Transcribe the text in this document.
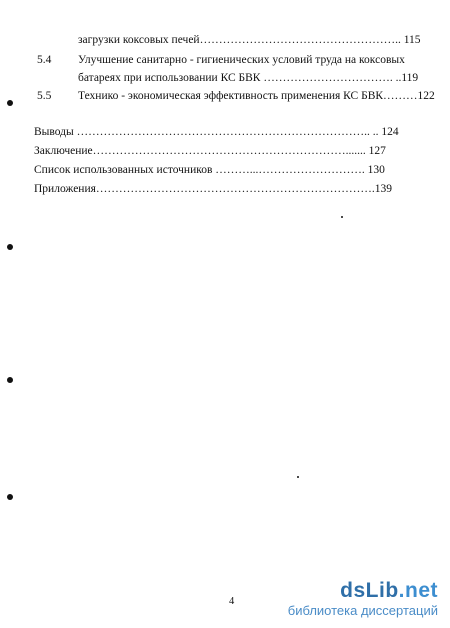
загрузки коксовых печей…………………………………………….. 115
5.4 Улучшение санитарно - гигиенических условий труда на коксовых
батареях при использовании КС БВК ……………………………. ..119
5.5 Технико - экономическая эффективность применения КС БВК………122
Выводы ………………………………………………………………….. .. 124
Заключение…………………………………………………………....... 127
Список использованных источников ………...………………………. 130
Приложения……………………………………………………………….139
4	dsLib.net
библиотека диссертаций
